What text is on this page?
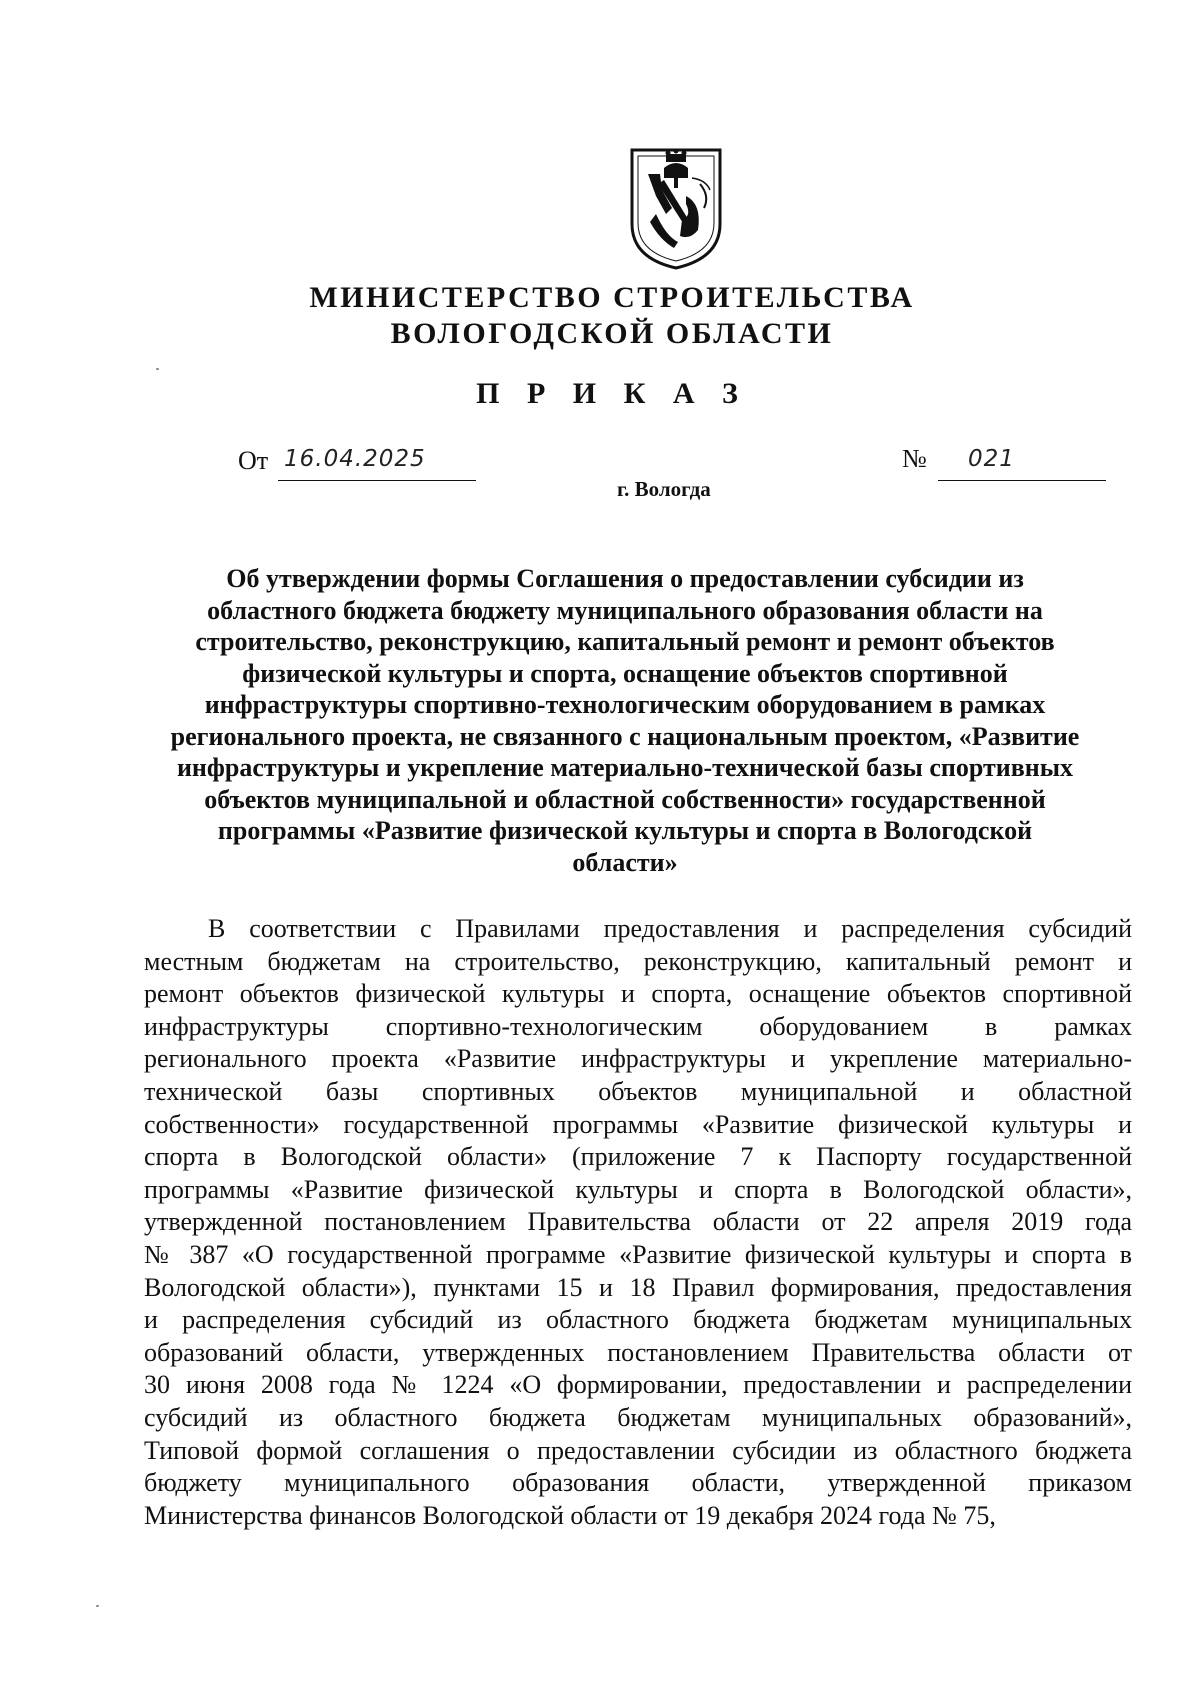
МИНИСТЕРСТВО СТРОИТЕЛЬСТВА
ВОЛОГОДСКОЙ ОБЛАСТИ
П Р И К А З
От 16.04.2025	№ 021
г. Вологда
Об утверждении формы Соглашения о предоставлении субсидии из
областного бюджета бюджету муниципального образования области на
строительство, реконструкцию, капитальный ремонт и ремонт объектов
физической культуры и спорта, оснащение объектов спортивной
инфраструктуры спортивно-технологическим оборудованием в рамках
регионального проекта, не связанного с национальным проектом, «Развитие
инфраструктуры и укрепление материально-технической базы спортивных
объектов муниципальной и областной собственности» государственной
программы «Развитие физической культуры и спорта в Вологодской
области»
В соответствии с Правилами предоставления и распределения субсидий
местным бюджетам на строительство, реконструкцию, капитальный ремонт и
ремонт объектов физической культуры и спорта, оснащение объектов спортивной
инфраструктуры спортивно-технологическим оборудованием в рамках
регионального проекта «Развитие инфраструктуры и укрепление материально-
технической базы спортивных объектов муниципальной и областной
собственности» государственной программы «Развитие физической культуры и
спорта в Вологодской области» (приложение 7 к Паспорту государственной
программы «Развитие физической культуры и спорта в Вологодской области»,
утвержденной постановлением Правительства области от 22 апреля 2019 года
№ 387 «О государственной программе «Развитие физической культуры и спорта в
Вологодской области»), пунктами 15 и 18 Правил формирования, предоставления
и распределения субсидий из областного бюджета бюджетам муниципальных
образований области, утвержденных постановлением Правительства области от
30 июня 2008 года № 1224 «О формировании, предоставлении и распределении
субсидий из областного бюджета бюджетам муниципальных образований»,
Типовой формой соглашения о предоставлении субсидии из областного бюджета
бюджету муниципального образования области, утвержденной приказом
Министерства финансов Вологодской области от 19 декабря 2024 года № 75,
